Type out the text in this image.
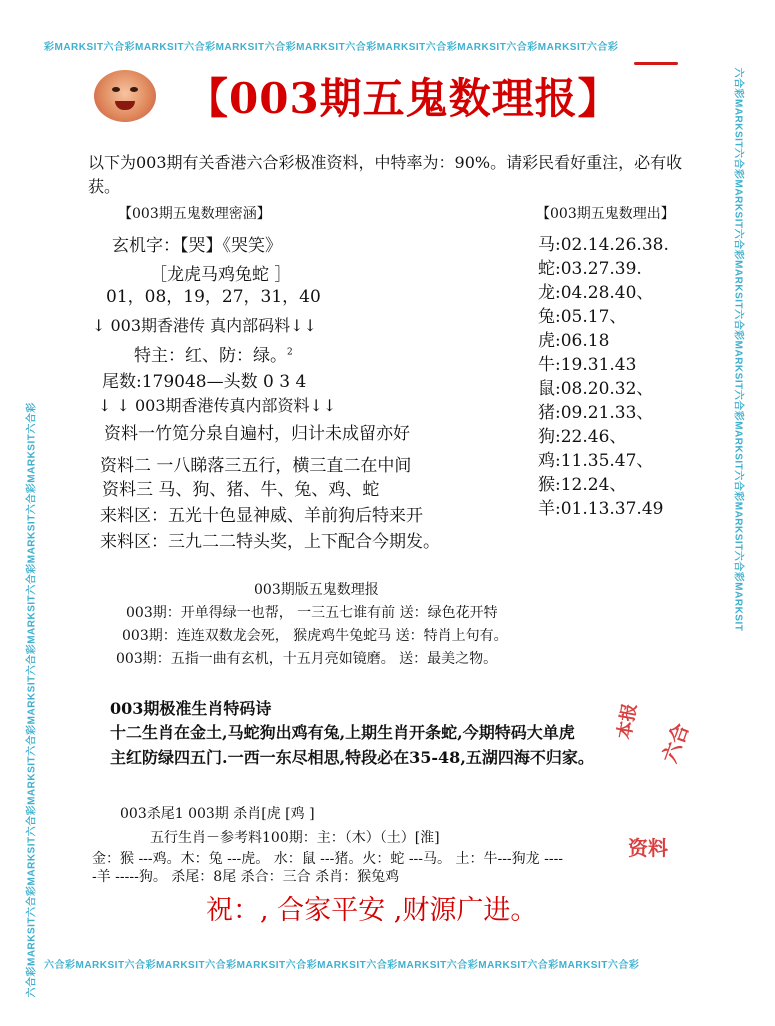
彩MARKSIT六合彩MARKSIT六合彩MARKSIT六合彩MARKSIT六合彩MARKSIT六合彩MARKSIT六合彩MARKSIT六合彩
六合彩MARKSIT六合彩MARKSIT六合彩MARKSIT六合彩MARKSIT六合彩MARKSIT六合彩MARKSIT六合彩MARKSIT六合彩
六合彩MARKSIT六合彩MARKSIT六合彩MARKSIT六合彩MARKSIT六合彩MARKSIT六合彩MARKSIT六合彩MARKSIT六合彩
六合彩MARKSIT六合彩MARKSIT六合彩MARKSIT六合彩MARKSIT六合彩MARKSIT六合彩MARKSIT六合彩MARKSIT
【003期五鬼数理报】
以下为003期有关香港六合彩极准资料，中特率为：90%。请彩民看好重注，必有收
获。
【003期五鬼数理密涵】
玄机字：【哭】《哭笑》
［龙虎马鸡兔蛇 ］
01，08，19，27，31，40
↓ 003期香港传 真内部码料↓↓
特主：红、防：绿。$^2$
尾数:179048—头数 0 3 4
↓ ↓ 003期香港传真内部资料↓↓
资料一竹笕分泉自遍村，归计未成留亦好
资料二 一八睇落三五行，横三直二在中间
资料三 马、狗、猪、牛、兔、鸡、蛇
来料区：五光十色显神威、羊前狗后特来开
来料区：三九二二特头奖，上下配合今期发。
【003期五鬼数理出】
马:02.14.26.38.
蛇:03.27.39.
龙:04.28.40、
兔:05.17、
虎:06.18
牛:19.31.43
鼠:08.20.32、
猪:09.21.33、
狗:22.46、
鸡:11.35.47、
猴:12.24、
羊:01.13.37.49
003期版五鬼数理报
003期：开单得绿一也帮， 一三五七谁有前 送：绿色花开特
003期：连连双数龙会死， 猴虎鸡牛兔蛇马 送：特肖上句有。
003期：五指一曲有玄机，十五月亮如镜磨。 送：最美之物。
003期极准生肖特码诗
十二生肖在金土,马蛇狗出鸡有兔,上期生肖开条蛇,今期特码大单虎
主红防绿四五门.一西一东尽相思,特段必在35-48,五湖四海不归家。
本报 六合
资料
003杀尾1 003期 杀肖[虎 [鸡 ]
五行生肖－参考料100期：主：（木）（土）[淮]
金：猴 ---鸡。木：兔 ---虎。 水：鼠 ---猪。火：蛇 ---马。 土：牛---狗龙 ----
-羊 -----狗。 杀尾：8尾 杀合：三合 杀肖：猴兔鸡
祝：, 合家平安 ,财源广进。
